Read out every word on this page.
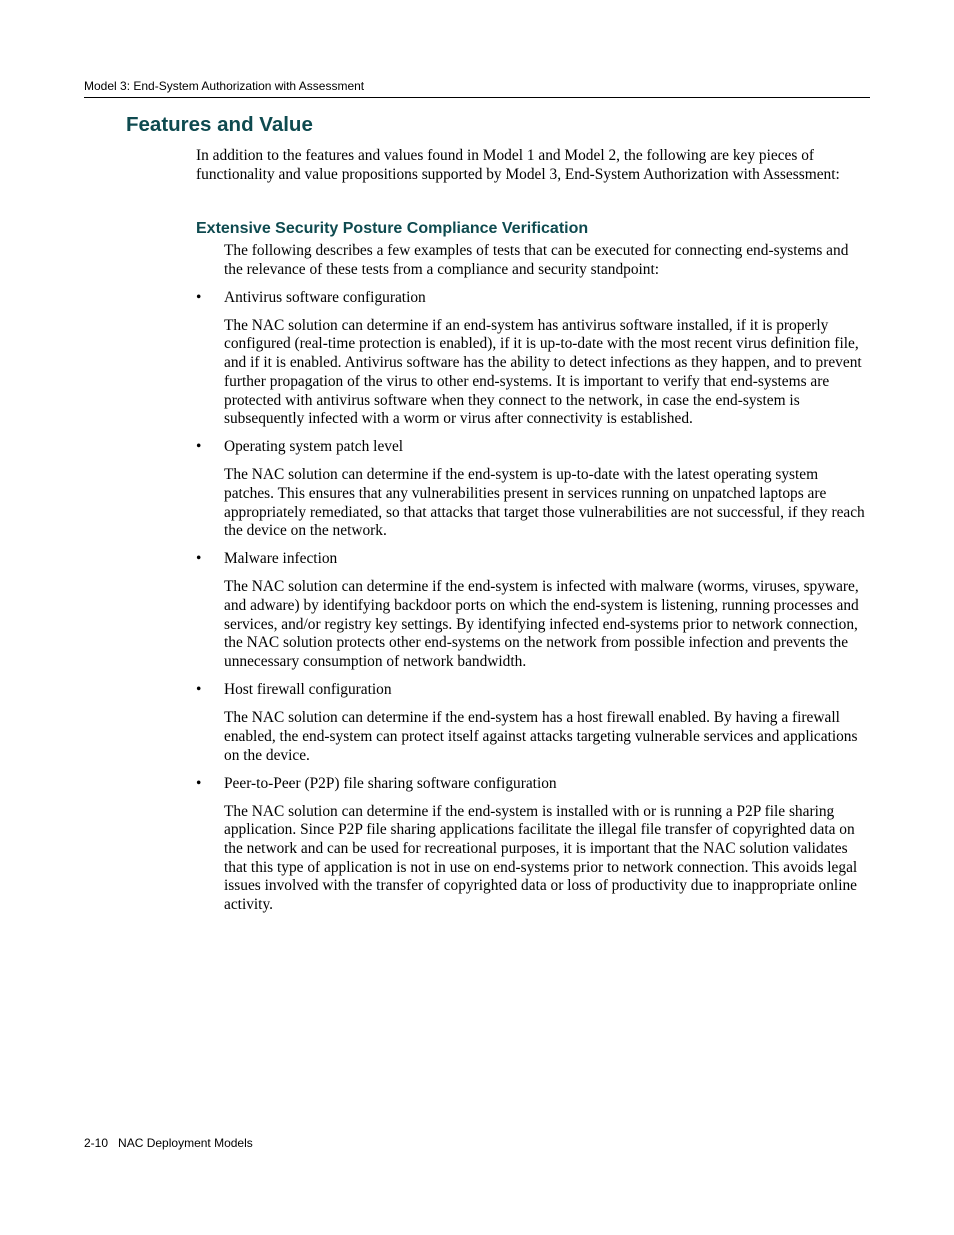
Model 3: End-System Authorization with Assessment
Features and Value

In addition to the features and values found in Model 1 and Model 2, the following are key pieces of functionality and value propositions supported by Model 3, End-System Authorization with Assessment:

Extensive Security Posture Compliance Verification

The following describes a few examples of tests that can be executed for connecting end-systems and the relevance of these tests from a compliance and security standpoint:

•	Antivirus software configuration

The NAC solution can determine if an end-system has antivirus software installed, if it is properly configured (real-time protection is enabled), if it is up-to-date with the most recent virus definition file, and if it is enabled. Antivirus software has the ability to detect infections as they happen, and to prevent further propagation of the virus to other end-systems. It is important to verify that end-systems are protected with antivirus software when they connect to the network, in case the end-system is subsequently infected with a worm or virus after connectivity is established.

•	Operating system patch level

The NAC solution can determine if the end-system is up-to-date with the latest operating system patches. This ensures that any vulnerabilities present in services running on unpatched laptops are appropriately remediated, so that attacks that target those vulnerabilities are not successful, if they reach the device on the network.

•	Malware infection

The NAC solution can determine if the end-system is infected with malware (worms, viruses, spyware, and adware) by identifying backdoor ports on which the end-system is listening, running processes and services, and/or registry key settings. By identifying infected end-systems prior to network connection, the NAC solution protects other end-systems on the network from possible infection and prevents the unnecessary consumption of network bandwidth.

•	Host firewall configuration

The NAC solution can determine if the end-system has a host firewall enabled. By having a firewall enabled, the end-system can protect itself against attacks targeting vulnerable services and applications on the device.

•	Peer-to-Peer (P2P) file sharing software configuration

The NAC solution can determine if the end-system is installed with or is running a P2P file sharing application. Since P2P file sharing applications facilitate the illegal file transfer of copyrighted data on the network and can be used for recreational purposes, it is important that the NAC solution validates that this type of application is not in use on end-systems prior to network connection. This avoids legal issues involved with the transfer of copyrighted data or loss of productivity due to inappropriate online activity.

2-10 NAC Deployment Models
